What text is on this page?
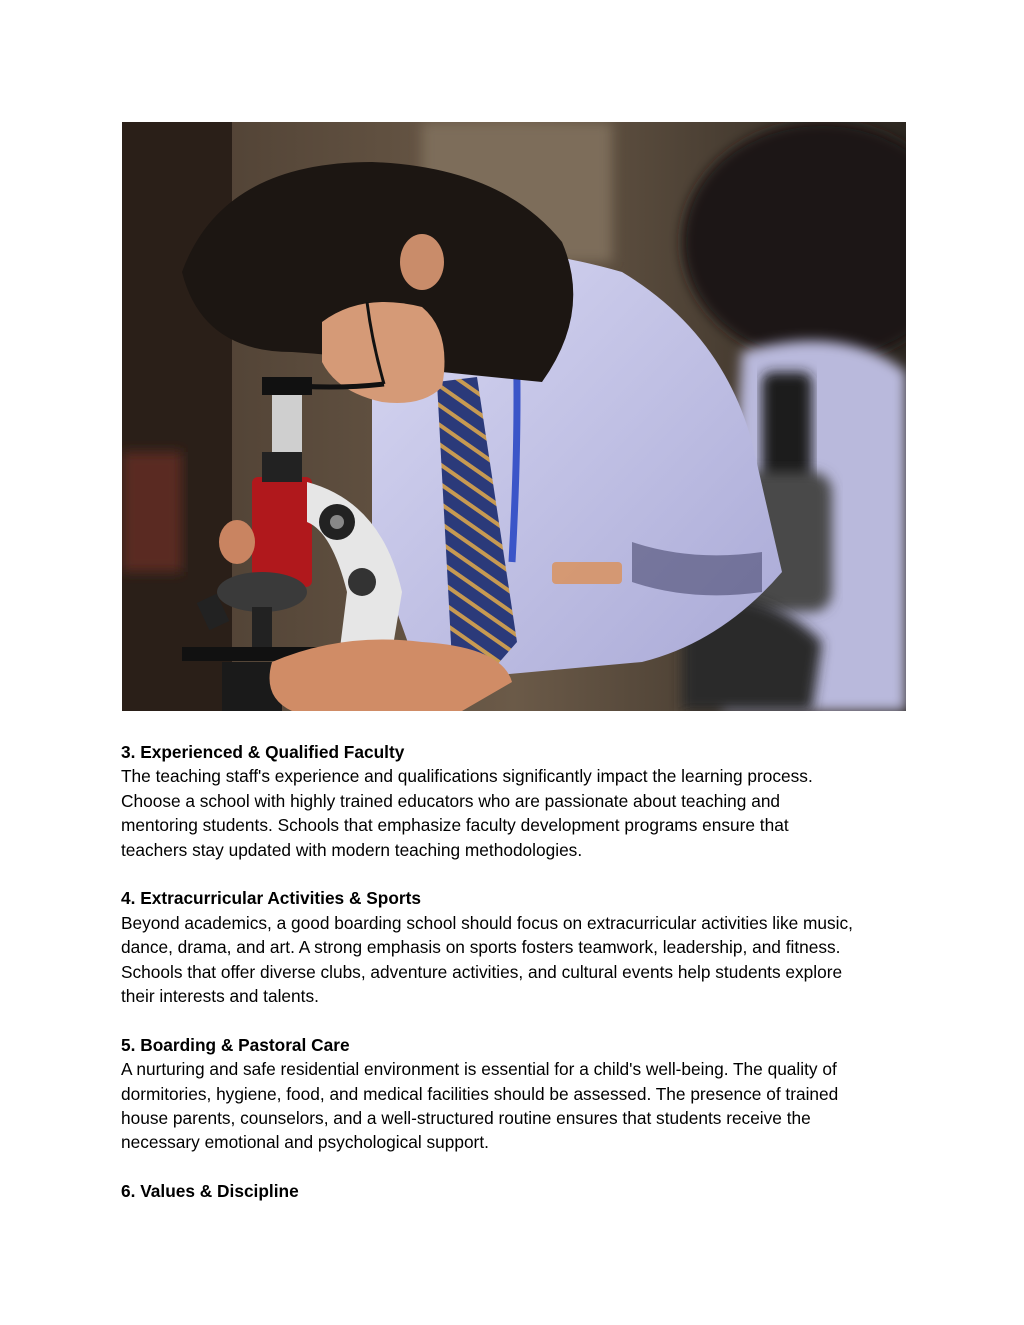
3. Experienced & Qualified Faculty

The teaching staff's experience and qualifications significantly impact the learning process.
Choose a school with highly trained educators who are passionate about teaching and
mentoring students. Schools that emphasize faculty development programs ensure that
teachers stay updated with modern teaching methodologies.

4. Extracurricular Activities & Sports

Beyond academics, a good boarding school should focus on extracurricular activities like music,
dance, drama, and art. A strong emphasis on sports fosters teamwork, leadership, and fitness.
Schools that offer diverse clubs, adventure activities, and cultural events help students explore
their interests and talents.

5. Boarding & Pastoral Care

A nurturing and safe residential environment is essential for a child's well-being. The quality of
dormitories, hygiene, food, and medical facilities should be assessed. The presence of trained
house parents, counselors, and a well-structured routine ensures that students receive the
necessary emotional and psychological support.

6. Values & Discipline
